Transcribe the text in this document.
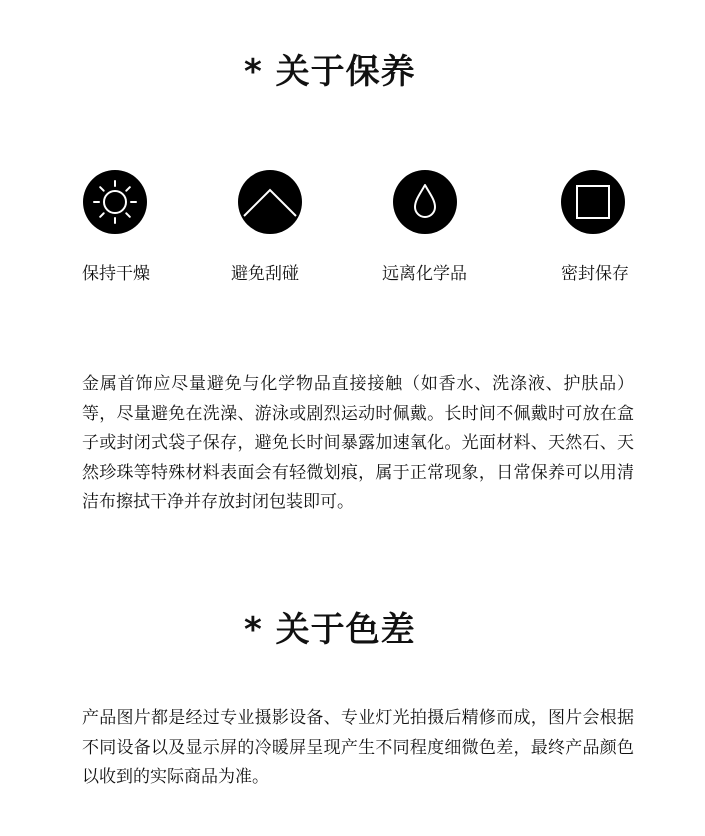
* 关于保养
保持干燥	避免刮碰	远离化学品	密封保存

金属首饰应尽量避免与化学物品直接接触（如香水、洗涤液、护肤品）等，尽量避免在洗澡、游泳或剧烈运动时佩戴。长时间不佩戴时可放在盒子或封闭式袋子保存，避免长时间暴露加速氧化。光面材料、天然石、天然珍珠等特殊材料表面会有轻微划痕，属于正常现象，日常保养可以用清洁布擦拭干净并存放封闭包装即可。

* 关于色差

产品图片都是经过专业摄影设备、专业灯光拍摄后精修而成，图片会根据不同设备以及显示屏的冷暖屏呈现产生不同程度细微色差，最终产品颜色以收到的实际商品为准。
